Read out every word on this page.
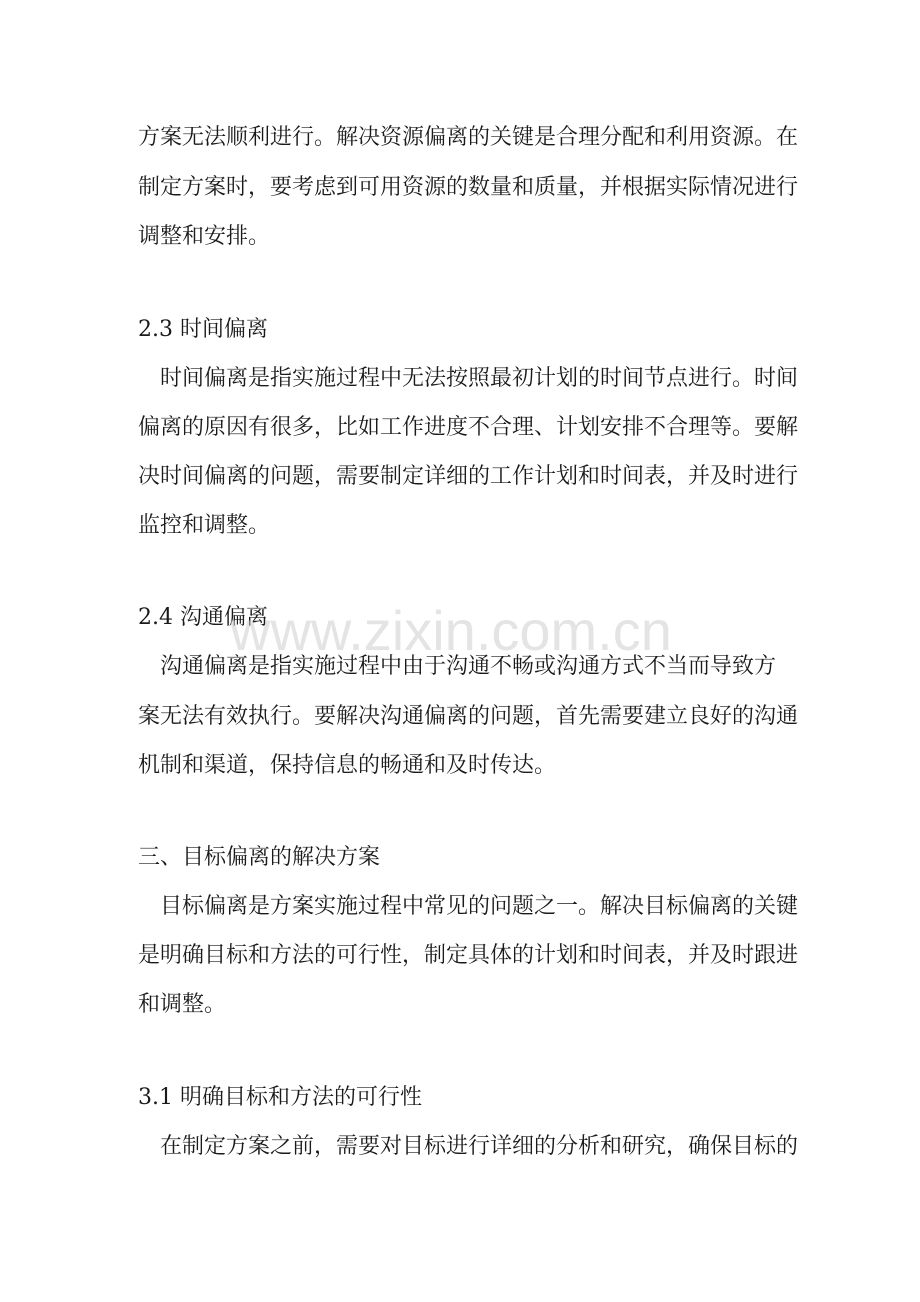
方案无法顺利进行。解决资源偏离的关键是合理分配和利用资源。在

制定方案时，要考虑到可用资源的数量和质量，并根据实际情况进行

调整和安排。

2.3 时间偏离

时间偏离是指实施过程中无法按照最初计划的时间节点进行。时间

偏离的原因有很多，比如工作进度不合理、计划安排不合理等。要解

决时间偏离的问题，需要制定详细的工作计划和时间表，并及时进行

监控和调整。

2.4 沟通偏离

沟通偏离是指实施过程中由于沟通不畅或沟通方式不当而导致方

案无法有效执行。要解决沟通偏离的问题，首先需要建立良好的沟通

机制和渠道，保持信息的畅通和及时传达。

三、目标偏离的解决方案

目标偏离是方案实施过程中常见的问题之一。解决目标偏离的关键

是明确目标和方法的可行性，制定具体的计划和时间表，并及时跟进

和调整。

3.1 明确目标和方法的可行性

在制定方案之前，需要对目标进行详细的分析和研究，确保目标的

www.zixin.com.cn
